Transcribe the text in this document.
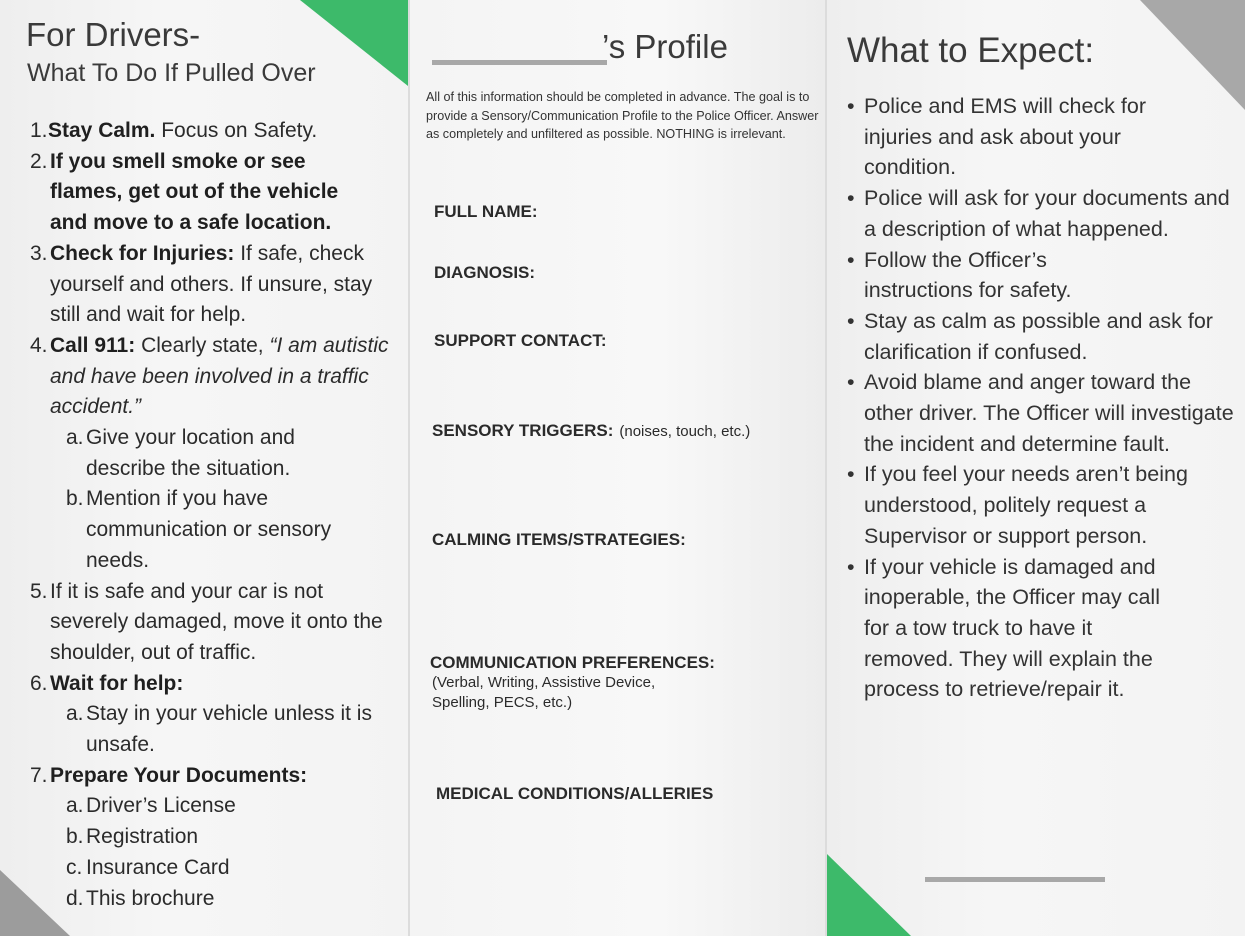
For Drivers-
What To Do If Pulled Over
1. Stay Calm. Focus on Safety.
2. If you smell smoke or see flames, get out of the vehicle and move to a safe location.
3. Check for Injuries: If safe, check yourself and others. If unsure, stay still and wait for help.
4. Call 911: Clearly state, “I am autistic and have been involved in a traffic accident.”
a. Give your location and describe the situation.
b. Mention if you have communication or sensory needs.
5. If it is safe and your car is not severely damaged, move it onto the shoulder, out of traffic.
6. Wait for help:
a. Stay in your vehicle unless it is unsafe.
7. Prepare Your Documents:
a. Driver’s License
b. Registration
c. Insurance Card
d. This brochure
’s Profile
All of this information should be completed in advance. The goal is to provide a Sensory/Communication Profile to the Police Officer. Answer as completely and unfiltered as possible. NOTHING is irrelevant.
FULL NAME:
DIAGNOSIS:
SUPPORT CONTACT:
SENSORY TRIGGERS: (noises, touch, etc.)
CALMING ITEMS/STRATEGIES:
COMMUNICATION PREFERENCES:
(Verbal, Writing, Assistive Device, Spelling, PECS, etc.)
MEDICAL CONDITIONS/ALLERIES
What to Expect:
• Police and EMS will check for injuries and ask about your condition.
• Police will ask for your documents and a description of what happened.
• Follow the Officer’s instructions for safety.
• Stay as calm as possible and ask for clarification if confused.
• Avoid blame and anger toward the other driver. The Officer will investigate the incident and determine fault.
• If you feel your needs aren’t being understood, politely request a Supervisor or support person.
• If your vehicle is damaged and inoperable, the Officer may call for a tow truck to have it removed. They will explain the process to retrieve/repair it.
